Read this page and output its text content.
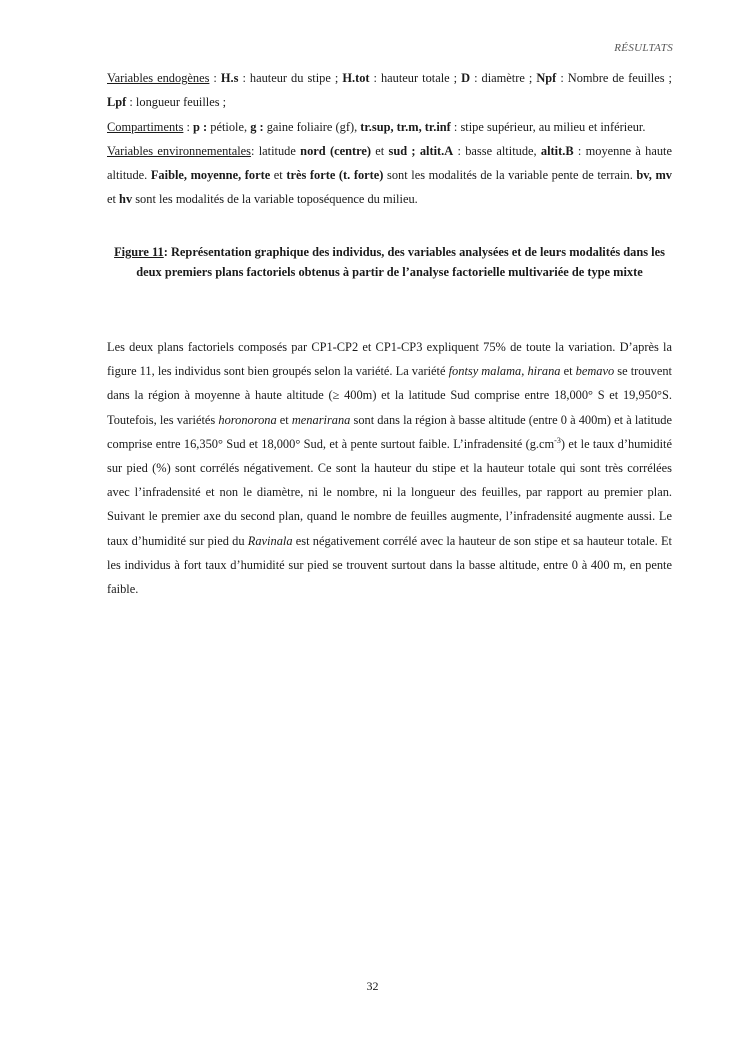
RÉSULTATS

Variables endogènes : H.s : hauteur du stipe ; H.tot : hauteur totale ; D : diamètre ; Npf : Nombre de feuilles ; Lpf : longueur feuilles ;

Compartiments : p : pétiole, g : gaine foliaire (gf), tr.sup, tr.m, tr.inf : stipe supérieur, au milieu et inférieur.

Variables environnementales: latitude nord (centre) et sud ; altit.A : basse altitude, altit.B : moyenne à haute altitude. Faible, moyenne, forte et très forte (t. forte) sont les modalités de la variable pente de terrain. bv, mv et hv sont les modalités de la variable toposéquence du milieu.

Figure 11: Représentation graphique des individus, des variables analysées et de leurs modalités dans les deux premiers plans factoriels obtenus à partir de l’analyse factorielle multivariée de type mixte

Les deux plans factoriels composés par CP1-CP2 et CP1-CP3 expliquent 75% de toute la variation. D’après la figure 11, les individus sont bien groupés selon la variété. La variété fontsy malama, hirana et bemavo se trouvent dans la région à moyenne à haute altitude (≥ 400m) et la latitude Sud comprise entre 18,000° S et 19,950°S. Toutefois, les variétés horonorona et menarirana sont dans la région à basse altitude (entre 0 à 400m) et à latitude comprise entre 16,350° Sud et 18,000° Sud, et à pente surtout faible. L’infradensité $(g.cm^{-3})$ et le taux d’humidité sur pied (%) sont corrélés négativement. Ce sont la hauteur du stipe et la hauteur totale qui sont très corrélées avec l’infradensité et non le diamètre, ni le nombre, ni la longueur des feuilles, par rapport au premier plan. Suivant le premier axe du second plan, quand le nombre de feuilles augmente, l’infradensité augmente aussi. Le taux d’humidité sur pied du Ravinala est négativement corrélé avec la hauteur de son stipe et sa hauteur totale. Et les individus à fort taux d’humidité sur pied se trouvent surtout dans la basse altitude, entre 0 à 400 m, en pente faible.

32
